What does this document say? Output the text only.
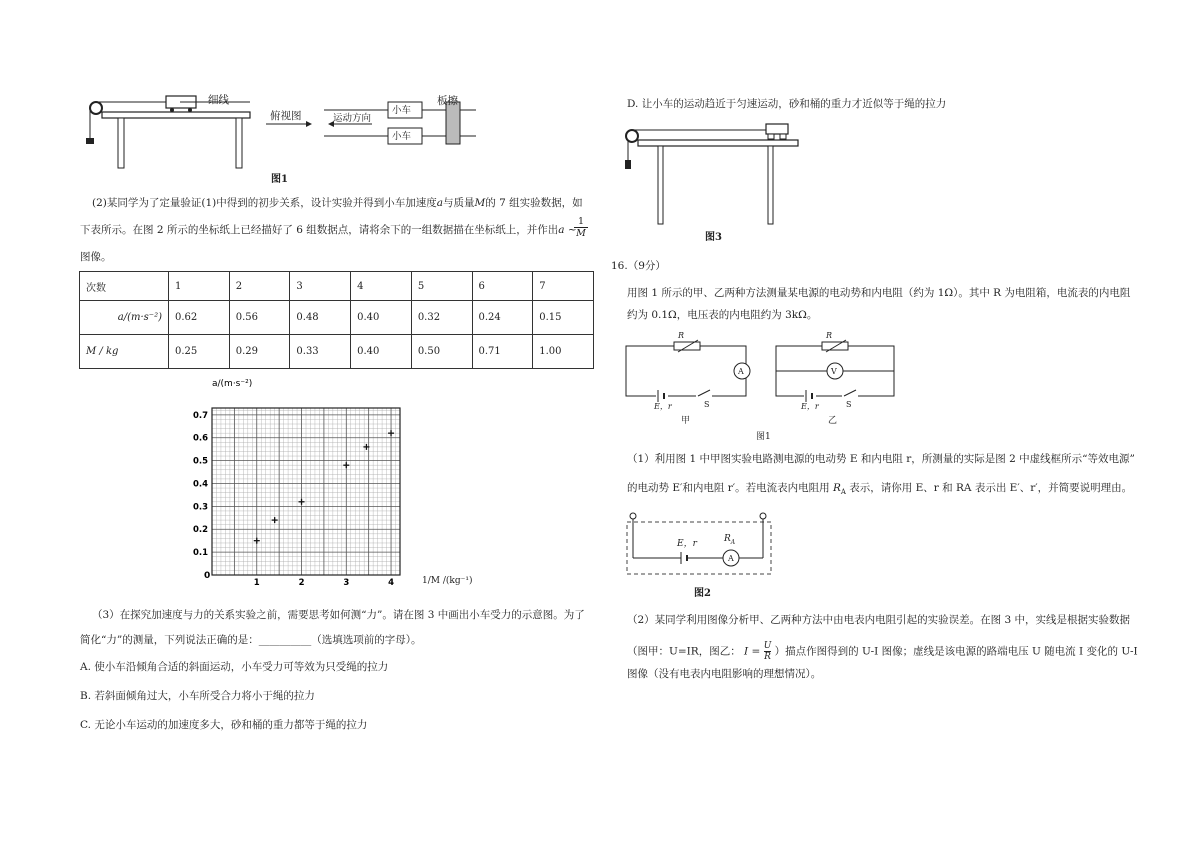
细线
俯视图	运动方向
小车
小车
板擦
图1
(2)某同学为了定量验证(1)中得到的初步关系，设计实验并得到小车加速度a与质量M的 7 组实验数据，如
下表所示。在图 2 所示的坐标纸上已经描好了 6 组数据点，请将余下的一组数据描在坐标纸上，并作出a ~
1
M
图像。
次数	1	2	3	4	5	6	7
a/(m·s⁻²)	0.62	0.56	0.48	0.40	0.32	0.24	0.15
M / kg	0.25	0.29	0.33	0.40	0.50	0.71	1.00
0.1
0.2
0.3
0.4
0.5
0.6
0.7
1	2	3	4
a/(m·s⁻²)
0	1/M /(kg⁻¹)
（3）在探究加速度与力的关系实验之前，需要思考如何测“力”。请在图 3 中画出小车受力的示意图。为了
简化“力”的测量，下列说法正确的是：__________（选填选项前的字母）。
A. 使小车沿倾角合适的斜面运动，小车受力可等效为只受绳的拉力
B. 若斜面倾角过大，小车所受合力将小于绳的拉力
C. 无论小车运动的加速度多大，砂和桶的重力都等于绳的拉力
D. 让小车的运动趋近于匀速运动，砂和桶的重力才近似等于绳的拉力
图3
16.（9分）
用图 1 所示的甲、乙两种方法测量某电源的电动势和内电阻（约为 1Ω）。其中 R 为电阻箱，电流表的内电阻
约为 0.1Ω，电压表的内电阻约为 3kΩ。
R	R
A	V
E，r	S	E，r	S
甲	乙
图1
（1）利用图 1 中甲图实验电路测电源的电动势 E 和内电阻 r，所测量的实际是图 2 中虚线框所示“等效电源”
的电动势 E′和内电阻 r′。若电流表内电阻用 $R_A$ 表示，请你用 E、r 和 RA 表示出 E′、r′，并简要说明理由。
E，r	$R_A$
A
图2
（2）某同学利用图像分析甲、乙两种方法中由电表内电阻引起的实验误差。在图 3 中，实线是根据实验数据
（图甲：U=IR，图乙： $I = \frac{U}{R}$ ）描点作图得到的 U-I 图像；虚线是该电源的路端电压 U 随电流 I 变化的 U-I
图像（没有电表内电阻影响的理想情况）。
